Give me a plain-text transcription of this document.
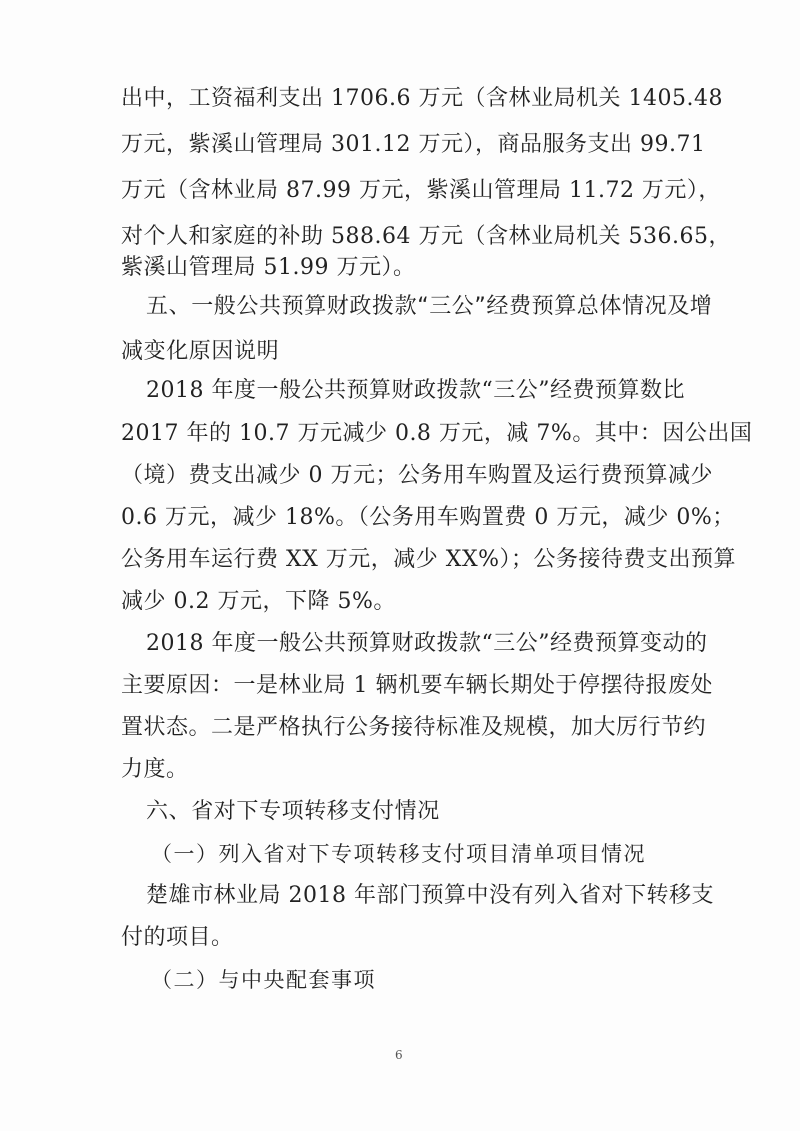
出中，工资福利支出 1706.6 万元（含林业局机关 1405.48
万元，紫溪山管理局 301.12 万元），商品服务支出 99.71
万元（含林业局 87.99 万元，紫溪山管理局 11.72 万元），
对个人和家庭的补助 588.64 万元（含林业局机关 536.65，
紫溪山管理局 51.99 万元）。
五、一般公共预算财政拨款“三公”经费预算总体情况及增
减变化原因说明
2018 年度一般公共预算财政拨款“三公”经费预算数比
2017 年的 10.7 万元减少 0.8 万元，减 7%。其中：因公出国
（境）费支出减少 0 万元；公务用车购置及运行费预算减少
0.6 万元，减少 18%。（公务用车购置费 0 万元，减少 0%；
公务用车运行费 XX 万元，减少 XX%）；公务接待费支出预算
减少 0.2 万元，下降 5%。
2018 年度一般公共预算财政拨款“三公”经费预算变动的
主要原因：一是林业局 1 辆机要车辆长期处于停摆待报废处
置状态。二是严格执行公务接待标准及规模，加大厉行节约
力度。
六、省对下专项转移支付情况
（一）列入省对下专项转移支付项目清单项目情况
楚雄市林业局 2018 年部门预算中没有列入省对下转移支
付的项目。
（二）与中央配套事项
6
